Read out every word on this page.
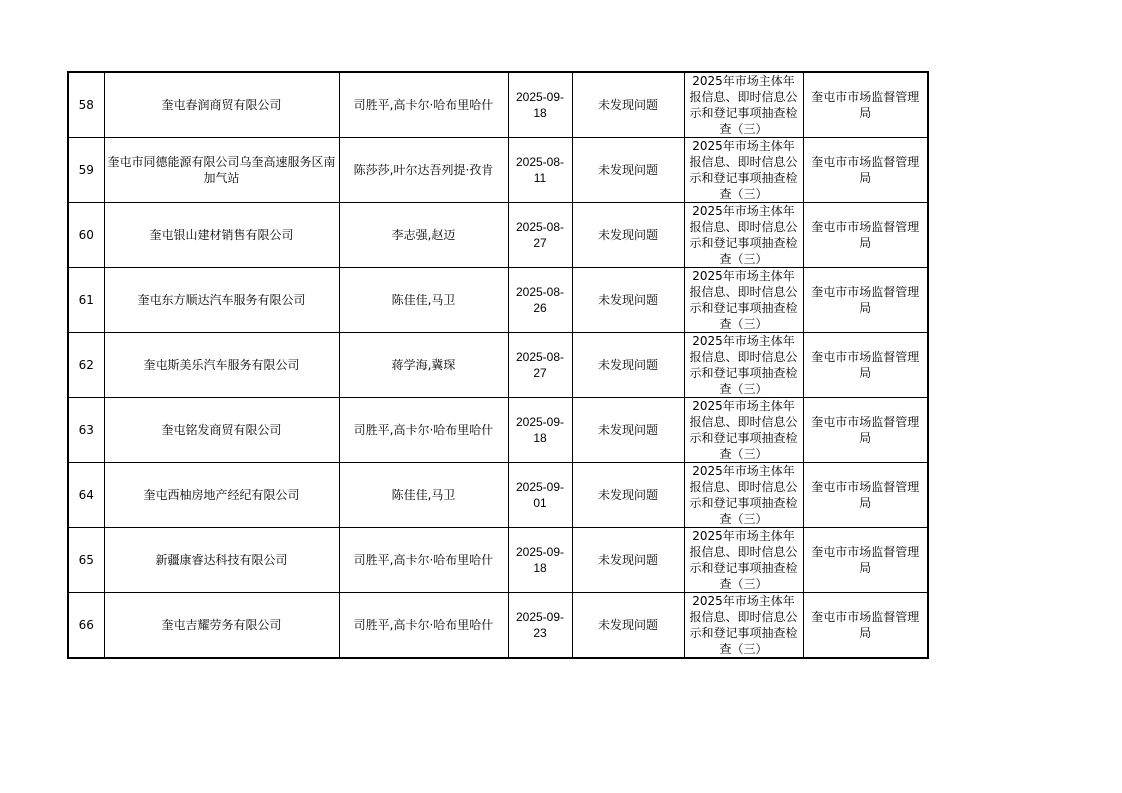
58	奎屯春润商贸有限公司	司胜平,高卡尔·哈布里哈什	2025-09-18	未发现问题	2025年市场主体年报信息、即时信息公示和登记事项抽查检查（三）	奎屯市市场监督管理局
59	奎屯市同德能源有限公司乌奎高速服务区南加气站	陈莎莎,叶尔达吾列提·孜肯	2025-08-11	未发现问题	2025年市场主体年报信息、即时信息公示和登记事项抽查检查（三）	奎屯市市场监督管理局
60	奎屯银山建材销售有限公司	李志强,赵迈	2025-08-27	未发现问题	2025年市场主体年报信息、即时信息公示和登记事项抽查检查（三）	奎屯市市场监督管理局
61	奎屯东方顺达汽车服务有限公司	陈佳佳,马卫	2025-08-26	未发现问题	2025年市场主体年报信息、即时信息公示和登记事项抽查检查（三）	奎屯市市场监督管理局
62	奎屯斯美乐汽车服务有限公司	蒋学海,冀琛	2025-08-27	未发现问题	2025年市场主体年报信息、即时信息公示和登记事项抽查检查（三）	奎屯市市场监督管理局
63	奎屯铭发商贸有限公司	司胜平,高卡尔·哈布里哈什	2025-09-18	未发现问题	2025年市场主体年报信息、即时信息公示和登记事项抽查检查（三）	奎屯市市场监督管理局
64	奎屯西柚房地产经纪有限公司	陈佳佳,马卫	2025-09-01	未发现问题	2025年市场主体年报信息、即时信息公示和登记事项抽查检查（三）	奎屯市市场监督管理局
65	新疆康睿达科技有限公司	司胜平,高卡尔·哈布里哈什	2025-09-18	未发现问题	2025年市场主体年报信息、即时信息公示和登记事项抽查检查（三）	奎屯市市场监督管理局
66	奎屯吉耀劳务有限公司	司胜平,高卡尔·哈布里哈什	2025-09-23	未发现问题	2025年市场主体年报信息、即时信息公示和登记事项抽查检查（三）	奎屯市市场监督管理局
